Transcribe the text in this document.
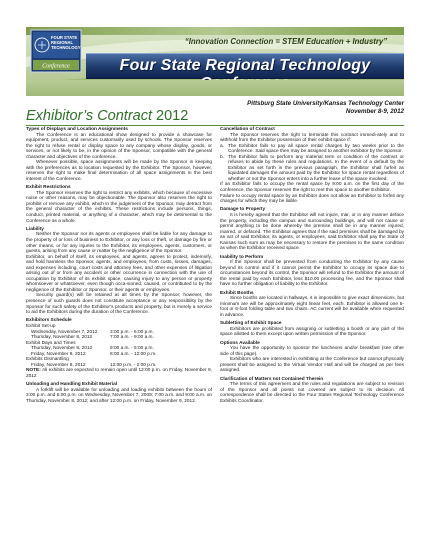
FOUR STATE
REGIONAL
TECHNOLOGY
Conference
“Innovation Connection = STEM Education + Industry”
Four State Regional Technology
Pittsburg State University/Kansas Technology Center
November 8-9, 2012
Exhibitor’s Contract 2012
Types of Displays and Location Assignments
The Conference is an educational show designed to provide a showcase for equipment, product, and services customarily used by schools. The Sponsor reserves the right to refuse rental or display space to any company whose display, goods, or services, or not likely to be, in the opinion of the Sponsor, compatible with the general character and objectives of the conference.
Whenever possible, space assignments will be made by the Sponsor in keeping with the preferences as to location requested by the Exhibitor. The Sponsor, however, reserves the right to make final determination of all space assignments in the best interest of the Conference.
Exhibit Restrictions
The Sponsor reserves the right to restrict any exhibits, which because of excessive noise or other reasons, may be objectionable. The Sponsor also reserves the right to prohibit or remove any exhibit, which in the judgement of the Sponsor, may detract from the general character of the exhibits. These restrictions include persons, things, conduct, printed material, or anything of a character, which may be detrimental to the Conference as a whole.
Liability
Neither the Sponsor nor its agents or employees shall be liable for any damage to the property of or loss of business to Exhibitor, or any loss or theft, or damage by fire or other means, or for any injuries to the Exhibitor, its employees, agents, customers, or guests, arising from any cause or matter by the negligence of the Sponsor.
Exhibitor, on behalf of itself, its employees, and agents, agrees to protect, indemnify, and hold harmless the Sponsor, agents, and employees, from costs, losses, damages, and expenses including, court costs and attorney fees, and other expenses of litigation arising out of or from any accident or other occurrence in connection with the use of occupation by Exhibitor of its exhibit space, causing injury to any person or property whomsoever or whatsoever, even though occa-sioned, caused, or contributed to by the negligence of the Exhibitor or Sponsor, or their agents or employees.
Security guard(s) will be retained at all times by the Sponsor; however, the presence of such guards does not constitute acceptance or any responsibility by the Sponsor for such safety of the Exhibitor’s products and property, but is merely a service to aid the Exhibitors during the duration of the Conference.
Exhibitors Schedule
Exhibit Set-up
Wednesday, November 7, 2012	3:00 p.m. - 6:00 p.m.
Thursday, November 8, 2012	7:00 a.m. - 9:00 a.m.
Exhibit Days and Times
Thursday, November 8, 2012	9:00 a.m. - 5:00 p.m.
Friday, November 9, 2012	8:00 a.m. - 12:00 p.m.
Exhibits Dismantling
Friday, November 9, 2012	12:00 p.m. - 2:00 p.m.
NOTE: All exhibits are expected to remain open until 12:00 p.m. on Friday, November 9, 2012
Unloading and Handling Exhibit Material
A forklift will be available for unloading and loading exhibits between the hours of 3:00 p.m. and 6:00 p.m. on Wednesday, November 7, 2009; 7:00 a.m. and 9:00 a.m. on Thursday, November 8, 2012; and after 12:00 p.m. on Friday, November 9, 2012.
Cancellation of Contract
The Sponsor reserves the right to terminate this contract immedi-ately and to withhold from the Exhibitor possession of their exhibit space if:
a. The Exhibitor fails to pay all space rental charges by two weeks prior to the Conference. Said space then may be assigned to another exhibitor by the Sponsor.
b. The Exhibitor fails to perform any material term or condition of the contract or refuses to abide by these rules and regulations. In the event of a default by the Exhibitor as set forth in the previous paragraph, the Exhibitor shall forfeit as liquidated damages the amount paid by the Exhibitor for space rental regardless of whether or not the Sponsor enters into a further lease of the space involved.
If an Exhibitor fails to occupy the rental space by 9:00 a.m. on the first day of the conference, the Sponsor reserves the right to rent this space to another Exhibitor.
Failure to occupy rental space by an Exhibitor does not allow an Exhibitor to forfeit any charges for which they may be liable.
Damage to Property
It is hereby agreed that the Exhibitor will not injure, mar, or in any manner deface the property, including the campus and surrounding buildings, and will not cause or permit anything to be done whereby the premise shall be in any manner injured, marred, or defaced. The Exhibitor agrees that if the said premises shall be damaged by an act of said Exhibitor, its agents, or employees, said Exhibitor shall pay the State of Kansas such sum as may be necessary to restore the premises to the same condition as when the Exhibitor received space.
Inability to Perform
If the Sponsor shall be prevented from conducting the Exhibitor by any cause beyond its control and if it cannot permit the Exhibitor to occupy its space due to circumstances beyond its control, the Sponsor will refund to the Exhibitor the amount of the rental paid by each Exhibitor, less $10.00 processing fee, and the Sponsor shall have no further obligation of liability to the Exhibitor.
Exhibit Booths
Since booths are located in hallways, it is impossible to give exact dimensions, but minimum are will be approximately eight linear feet, each. Exhibitor is allowed one 5-foot or 6-foot folding table and two chairs. AC current will be available when requested in advance.
Subletting of Exhibit Space
Exhibitors are prohibited from assigning or subletting a booth or any part of the space allotted to them except upon written permission of the Sponsor.
Options Available
You have the opportunity to sponsor the luncheons and/or breakfast (see other side of this page).
Exhibitors who are interested in exhibiting at the Conference but cannot physically present shall be assigned to the Virtual Vendor Hall and will be charged as per fees assigned.
Clarification of Matters not Contained Therein
The terms of this agreement and the rules and regulations are subject to revision of the Sponsor and all points not covered are subject to its decision. All correspondence shall be directed to the Four States Regional Technology Conference Exhibits Coordinator.
